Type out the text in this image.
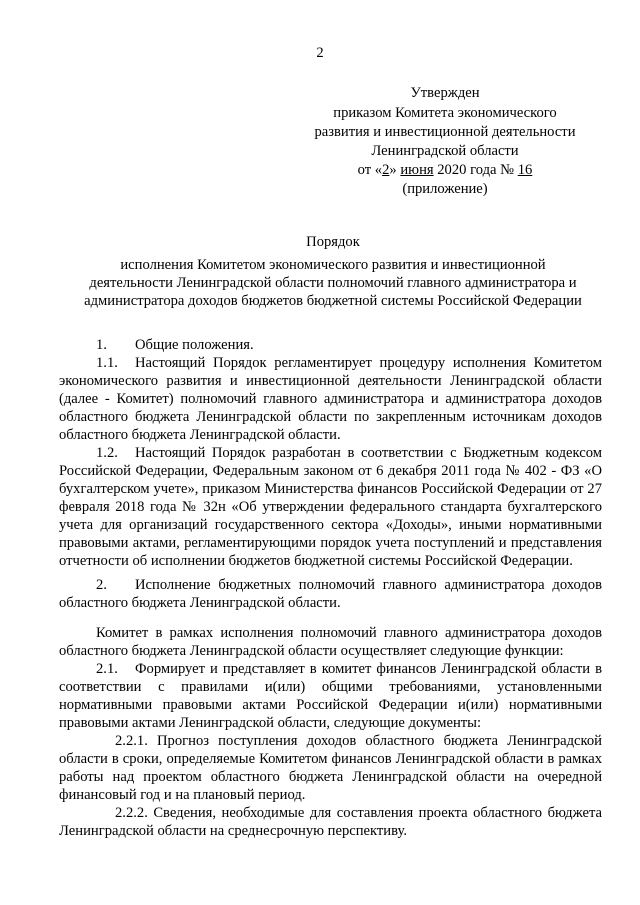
2
Утвержден
приказом Комитета экономического
развития и инвестиционной деятельности
Ленинградской области
от «2» июня 2020 года № 16
(приложение)
Порядок
исполнения Комитетом экономического развития и инвестиционной
деятельности Ленинградской области полномочий главного администратора и
администратора доходов бюджетов бюджетной системы Российской Федерации

1. Общие положения.

1.1. Настоящий Порядок регламентирует процедуру исполнения Комитетом экономического развития и инвестиционной деятельности Ленинградской области (далее - Комитет) полномочий главного администратора и администратора доходов областного бюджета Ленинградской области по закрепленным источникам доходов областного бюджета Ленинградской области.

1.2. Настоящий Порядок разработан в соответствии с Бюджетным кодексом Российской Федерации, Федеральным законом от 6 декабря 2011 года № 402 - ФЗ «О бухгалтерском учете», приказом Министерства финансов Российской Федерации от 27 февраля 2018 года № 32н «Об утверждении федерального стандарта бухгалтерского учета для организаций государственного сектора «Доходы», иными нормативными правовыми актами, регламентирующими порядок учета поступлений и представления отчетности об исполнении бюджетов бюджетной системы Российской Федерации.

2. Исполнение бюджетных полномочий главного администратора доходов областного бюджета Ленинградской области.

Комитет в рамках исполнения полномочий главного администратора доходов областного бюджета Ленинградской области осуществляет следующие функции:

2.1. Формирует и представляет в комитет финансов Ленинградской области в соответствии с правилами и(или) общими требованиями, установленными нормативными правовыми актами Российской Федерации и(или) нормативными правовыми актами Ленинградской области, следующие документы:

2.2.1. Прогноз поступления доходов областного бюджета Ленинградской области в сроки, определяемые Комитетом финансов Ленинградской области в рамках работы над проектом областного бюджета Ленинградской области на очередной финансовый год и на плановый период.

2.2.2. Сведения, необходимые для составления проекта областного бюджета Ленинградской области на среднесрочную перспективу.
